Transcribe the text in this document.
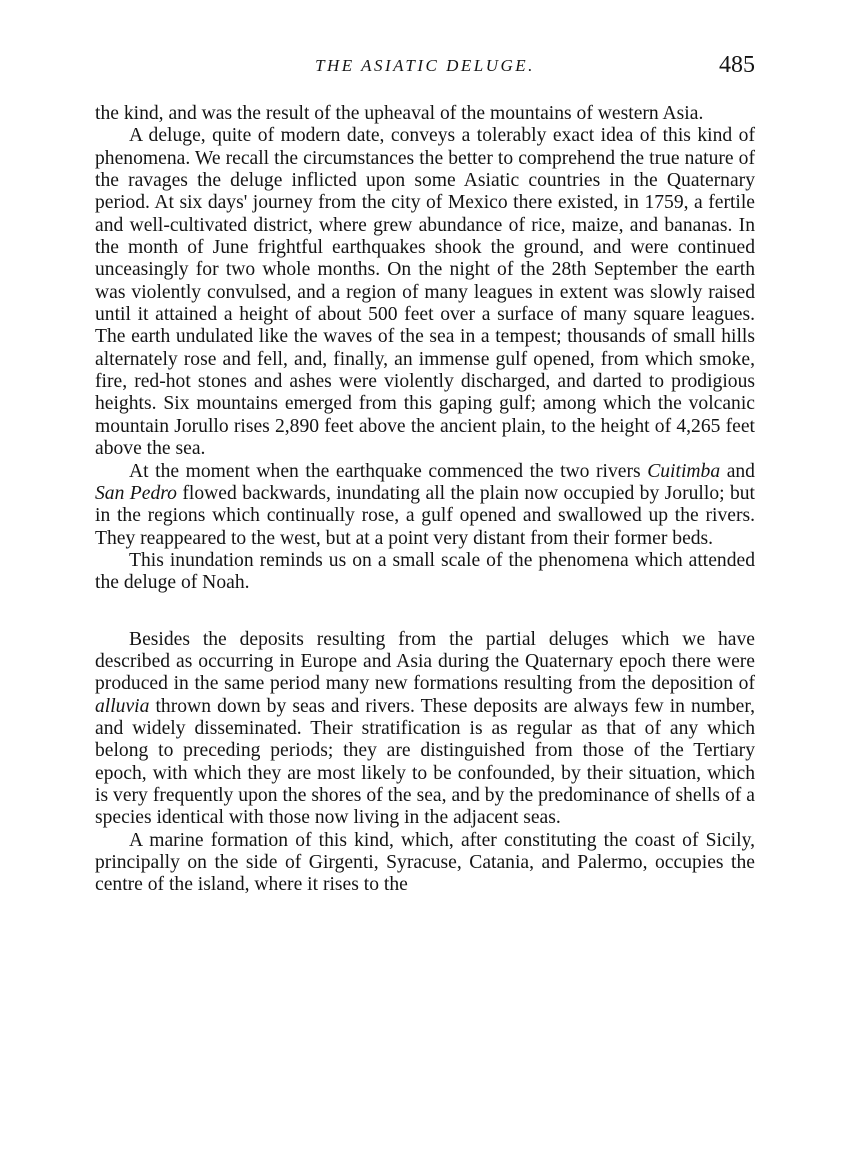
THE ASIATIC DELUGE.	485

the kind, and was the result of the upheaval of the mountains of western Asia.

A deluge, quite of modern date, conveys a tolerably exact idea of this kind of phenomena. We recall the circumstances the better to comprehend the true nature of the ravages the deluge inflicted upon some Asiatic countries in the Quaternary period. At six days' journey from the city of Mexico there existed, in 1759, a fertile and well-cultivated district, where grew abundance of rice, maize, and bananas. In the month of June frightful earthquakes shook the ground, and were continued unceasingly for two whole months. On the night of the 28th September the earth was violently convulsed, and a region of many leagues in extent was slowly raised until it attained a height of about 500 feet over a surface of many square leagues. The earth undulated like the waves of the sea in a tempest; thousands of small hills alternately rose and fell, and, finally, an immense gulf opened, from which smoke, fire, red-hot stones and ashes were violently discharged, and darted to prodigious heights. Six mountains emerged from this gaping gulf; among which the volcanic mountain Jorullo rises 2,890 feet above the ancient plain, to the height of 4,265 feet above the sea.

At the moment when the earthquake commenced the two rivers Cuitimba and San Pedro flowed backwards, inundating all the plain now occupied by Jorullo; but in the regions which continually rose, a gulf opened and swallowed up the rivers. They reappeared to the west, but at a point very distant from their former beds.

This inundation reminds us on a small scale of the phenomena which attended the deluge of Noah.

Besides the deposits resulting from the partial deluges which we have described as occurring in Europe and Asia during the Quaternary epoch there were produced in the same period many new formations resulting from the deposition of alluvia thrown down by seas and rivers. These deposits are always few in number, and widely disseminated. Their stratification is as regular as that of any which belong to preceding periods; they are distinguished from those of the Tertiary epoch, with which they are most likely to be confounded, by their situation, which is very frequently upon the shores of the sea, and by the predominance of shells of a species identical with those now living in the adjacent seas.

A marine formation of this kind, which, after constituting the coast of Sicily, principally on the side of Girgenti, Syracuse, Catania, and Palermo, occupies the centre of the island, where it rises to the
